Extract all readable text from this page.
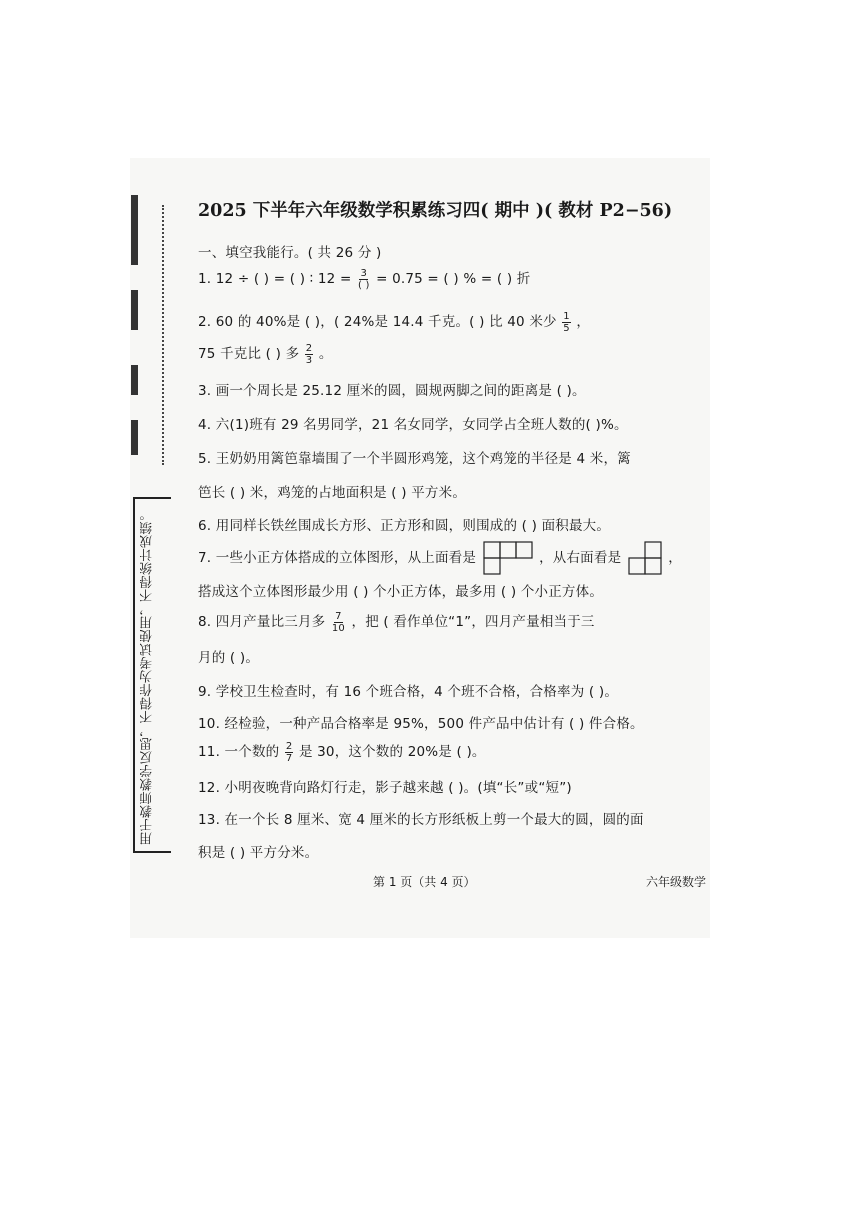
用于教师教学反思，不得作为考试使用，不得统计成绩。
2025 下半年六年级数学积累练习四( 期中 )( 教材 P2−56)
一、填空我能行。( 共 26 分 )
1. 12 ÷ ( ) = ( ) ∶ $12 = \frac{3}{( )} = 0.75$ = ( ) % = ( ) 折
2. 60 的 40%是 ( )，( 24%是 14.4 千克。( ) 比 40 米少 $\frac{1}{5}$ ，
75 千克比 ( ) 多 $\frac{2}{3}$ 。
3. 画一个周长是 25.12 厘米的圆，圆规两脚之间的距离是 ( )。
4. 六(1)班有 29 名男同学，21 名女同学，女同学占全班人数的( )%。
5. 王奶奶用篱笆靠墙围了一个半圆形鸡笼，这个鸡笼的半径是 4 米，篱
笆长 ( ) 米，鸡笼的占地面积是 ( ) 平方米。
6. 用同样长铁丝围成长方形、正方形和圆，则围成的 ( ) 面积最大。
7. 一些小正方体搭成的立体图形，从上面看是	，从右面看是	，
搭成这个立体图形最少用 ( ) 个小正方体，最多用 ( ) 个小正方体。
8. 四月产量比三月多 $\frac{7}{10}$ ，把 ( 看作单位“1”，四月产量相当于三
月的 ( )。
9. 学校卫生检查时，有 16 个班合格，4 个班不合格，合格率为 ( )。
10. 经检验，一种产品合格率是 95%，500 件产品中估计有 ( ) 件合格。
11. 一个数的 $\frac{2}{7}$ 是 30，这个数的 20%是 ( )。
12. 小明夜晚背向路灯行走，影子越来越 ( )。(填“长”或“短”)
13. 在一个长 8 厘米、宽 4 厘米的长方形纸板上剪一个最大的圆，圆的面
积是 ( ) 平方分米。
第 1 页（共 4 页）	六年级数学
